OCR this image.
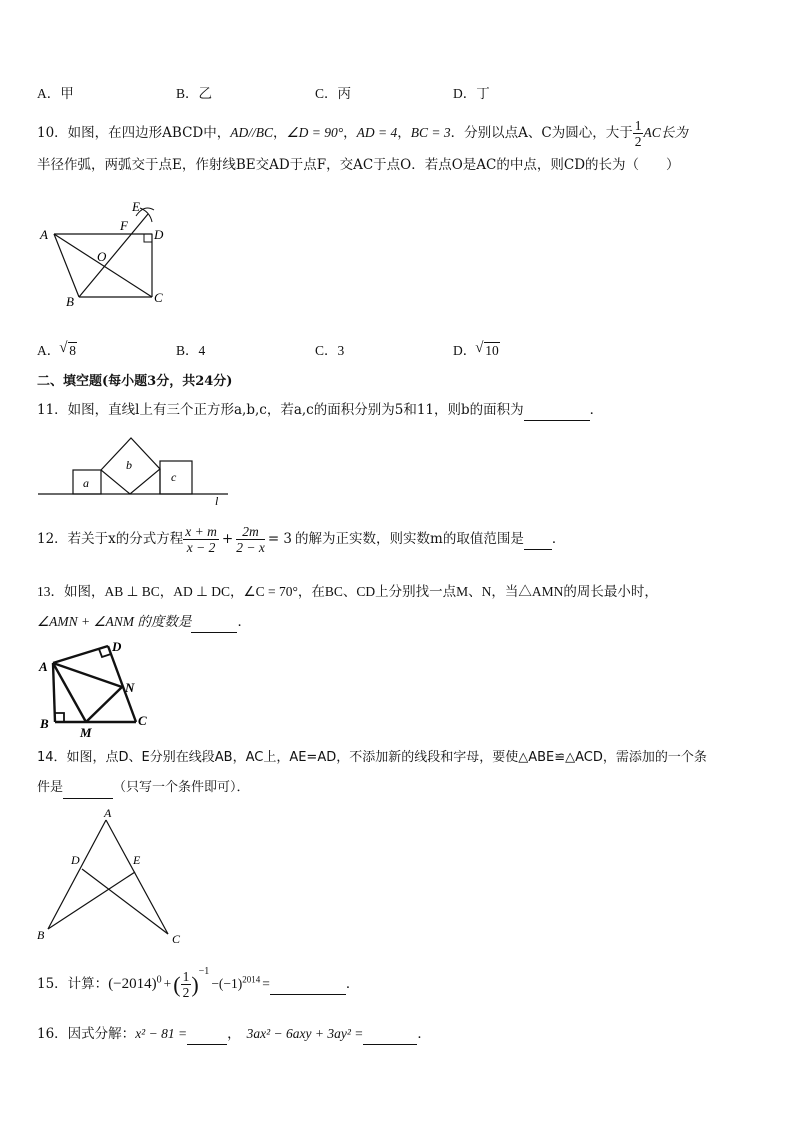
A．甲	B．乙	C．丙	D．丁
10．如图，在四边形ABCD中，AD//BC，∠D = 90°，AD = 4，BC = 3．分别以点A、C为圆心，大于 $\frac{1}{2}$ AC长为
半径作弧，两弧交于点E，作射线BE交AD于点F，交AC于点O．若点O是AC的中点，则CD的长为（　　）
E
F
A	D
O
B	C
A． √ 8	B．4	C．3	D． √ 10
二、填空题(每小题3分，共24分)
11．如图，直线l上有三个正方形a,b,c，若a,c的面积分别为5和11，则b的面积为	．
a
b
c
l
12．若关于x的分式方程 $\frac{x + m}{x - 2} + \frac{2m}{2 - x} = 3$ 的解为正实数，则实数m的取值范围是 ．
13．如图，AB ⊥ BC，AD ⊥ DC，∠C = 70°，在BC、CD上分别找一点M、N，当△AMN的周长最小时，
∠AMN + ∠ANM 的度数是	．
D
A
N
B
M
C
14．如图，点D、E分别在线段AB，AC上，AE=AD，不添加新的线段和字母，要使△ABE≌△ACD，需添加的一个条
件是	（只写一个条件即可）．
A
D	E
B	C
15．计算：$(-2014)^0$ +( $\frac{1}{2} )^{-1}-(-1)^{2014}$ =	．
16．因式分解：x² − 81 =	， 3ax² − 6axy + 3ay² =	．
